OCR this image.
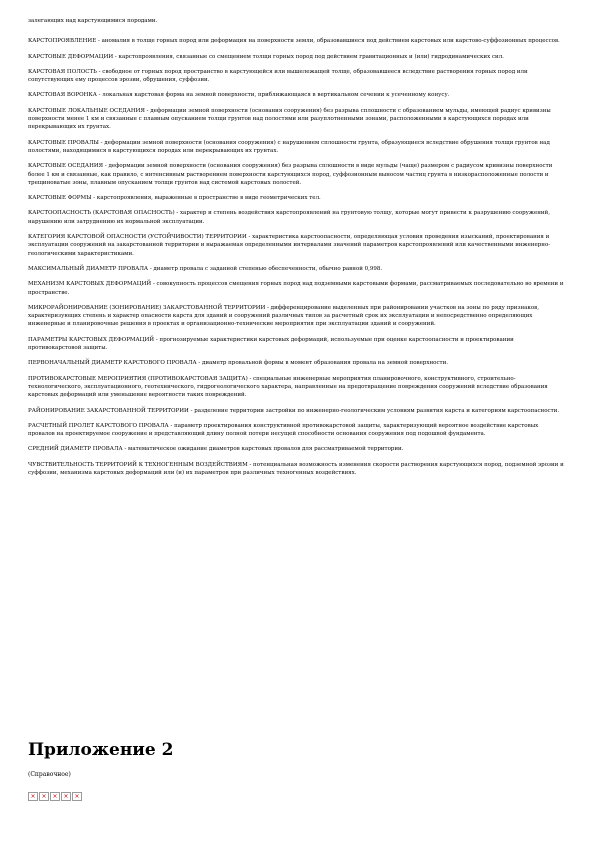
залегающих над карстующимися породами.

КАРСТОПРОЯВЛЕНИЕ - аномалия в толще горных пород или деформация на поверхности земли, образовавшиеся под действием карстовых или карстово-суффозионных процессов.

КАРСТОВЫЕ ДЕФОРМАЦИИ - карстопроявления, связанные со смещением толщи горных пород под действием гравитационных и (или) гидродинамических сил.

КАРСТОВАЯ ПОЛОСТЬ - свободное от горных пород пространство в карстующейся или вышележащей толще, образовавшееся вследствие растворения горных пород или сопутствующих ему процессов эрозии, обрушения, суффозии.

КАРСТОВАЯ ВОРОНКА - локальная карстовая форма на земной поверхности, приближающаяся в вертикальном сечении к усеченному конусу.

КАРСТОВЫЕ ЛОКАЛЬНЫЕ ОСЕДАНИЯ - деформации земной поверхности (основания сооружения) без разрыва сплошности с образованием мульды, имеющей радиус кривизны поверхности менее 1 км и связанные с плавным опусканием толщи грунтов над полостями или разуплотненными зонами, расположенными в карстующихся породах или перекрывающих их грунтах.

КАРСТОВЫЕ ПРОВАЛЫ - деформации земной поверхности (основания сооружения) с нарушением сплошности грунта, образующиеся вследствие обрушения толщи грунтов над полостями, находящимися в карстующихся породах или перекрывающих их грунтах.

КАРСТОВЫЕ ОСЕДАНИЯ - деформации земной поверхности (основания сооружения) без разрыва сплошности в виде мульды (чаще) размером с радиусом кривизны поверхности более 1 км и связанные, как правило, с интенсивным растворением поверхности карстующихся пород, суффозионным выносом частиц грунта в низкорасположенные полости и трещиноватые зоны, плавным опусканием толщи грунтов над системой карстовых полостей.

КАРСТОВЫЕ ФОРМЫ - карстопроявления, выраженные в пространстве в виде геометрических тел.

КАРСТООПАСНОСТЬ (КАРСТОВАЯ ОПАСНОСТЬ) - характер и степень воздействия карстопроявлений на грунтовую толщу, которые могут привести к разрушению сооружений, нарушению или затруднению их нормальной эксплуатации.

КАТЕГОРИЯ КАРСТОВОЙ ОПАСНОСТИ (УСТОЙЧИВОСТИ) ТЕРРИТОРИИ - характеристика карстоопасности, определяющая условия проведения изысканий, проектирования и эксплуатации сооружений на закарстованной территории и выражаемая определенными интервалами значений параметров карстопроявлений или качественными инженерно-геологическими характеристиками.

МАКСИМАЛЬНЫЙ ДИАМЕТР ПРОВАЛА - диаметр провала с заданной степенью обеспеченности, обычно равной 0,998.

МЕХАНИЗМ КАРСТОВЫХ ДЕФОРМАЦИЙ - совокупность процессов смещения горных пород над подземными карстовыми формами, рассматриваемых последовательно во времени и пространстве.

МИКРОРАЙОНИРОВАНИЕ (ЗОНИРОВАНИЕ) ЗАКАРСТОВАННОЙ ТЕРРИТОРИИ - дифференцирование выделенных при районировании участков на зоны по ряду признаков, характеризующих степень и характер опасности карста для зданий и сооружений различных типов за расчетный срок их эксплуатации и непосредственно определяющих инженерные и планировочные решения в проектах и организационно-технические мероприятия при эксплуатации зданий и сооружений.

ПАРАМЕТРЫ КАРСТОВЫХ ДЕФОРМАЦИЙ - прогнозируемые характеристики карстовых деформаций, используемые при оценке карстоопасности и проектировании противокарстовой защиты.

ПЕРВОНАЧАЛЬНЫЙ ДИАМЕТР КАРСТОВОГО ПРОВАЛА - диаметр провальной формы в момент образования провала на земной поверхности.

ПРОТИВОКАРСТОВЫЕ МЕРОПРИЯТИЯ (ПРОТИВОКАРСТОВАЯ ЗАЩИТА) - специальные инженерные мероприятия планировочного, конструктивного, строительно-технологического, эксплуатационного, геотехнического, гидрогеологического характера, направленные на предотвращение повреждения сооружений вследствие образования карстовых деформаций или уменьшение вероятности таких повреждений.

РАЙОНИРОВАНИЕ ЗАКАРСТОВАННОЙ ТЕРРИТОРИИ - разделение территории застройки по инженерно-геологическим условиям развития карста и категориям карстоопасности.

РАСЧЕТНЫЙ ПРОЛЕТ КАРСТОВОГО ПРОВАЛА - параметр проектирования конструктивной противокарстовой защиты, характеризующий вероятное воздействие карстовых провалов на проектируемое сооружение и представляющий длину полной потери несущей способности основания сооружения под подошвой фундамента.

СРЕДНИЙ ДИАМЕТР ПРОВАЛА - математическое ожидание диаметров карстовых провалов для рассматриваемой территории.

ЧУВСТВИТЕЛЬНОСТЬ ТЕРРИТОРИЙ К ТЕХНОГЕННЫМ ВОЗДЕЙСТВИЯМ - потенциальная возможность изменения скорости растворения карстующихся пород, подземной эрозии и суффозии, механизма карстовых деформаций или (и) их параметров при различных техногенных воздействиях.

Приложение 2

(Справочное)

× × × × ×
